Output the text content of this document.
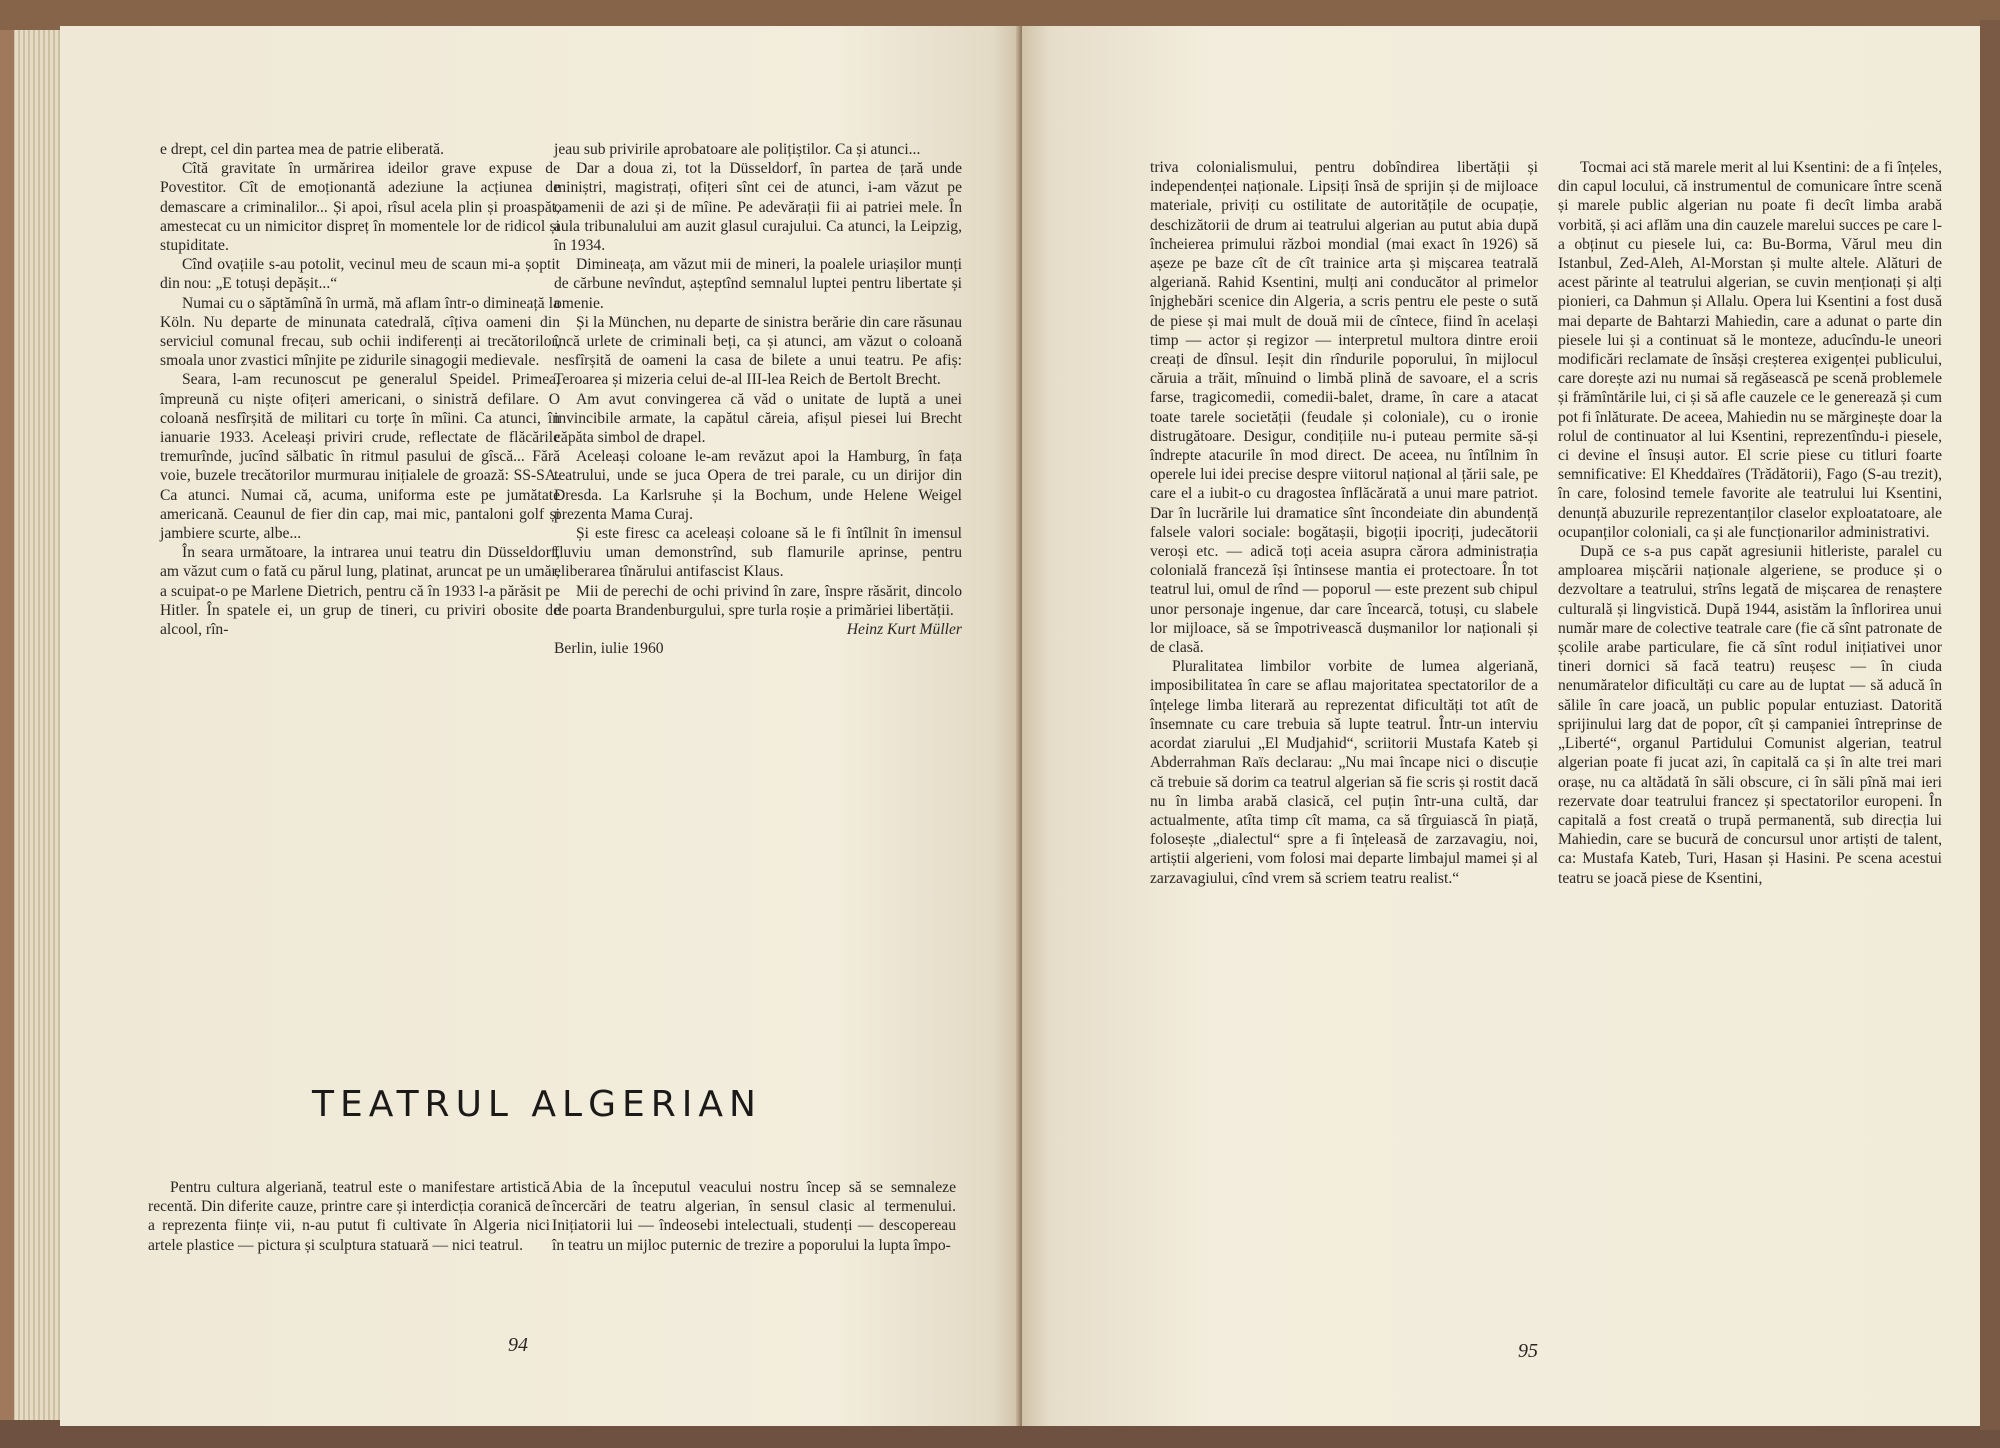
e drept, cel din partea mea de patrie eliberată.

Cîtă gravitate în urmărirea ideilor grave expuse de Povestitor. Cît de emoționantă adeziune la acțiunea de demascare a criminalilor... Și apoi, rîsul acela plin și proaspăt, amestecat cu un nimicitor dispreț în momentele lor de ridicol și stupiditate.

Cînd ovațiile s-au potolit, vecinul meu de scaun mi-a șoptit din nou: „E totuși depășit...“

Numai cu o săptămînă în urmă, mă aflam într-o dimineață la Köln. Nu departe de minunata catedrală, cîțiva oameni din serviciul comunal frecau, sub ochii indiferenți ai trecătorilor, smoala unor zvastici mînjite pe zidurile sinagogii medievale.

Seara, l-am recunoscut pe generalul Speidel. Primea, împreună cu niște ofițeri americani, o sinistră defilare. O coloană nesfîrșită de militari cu torțe în mîini. Ca atunci, în ianuarie 1933. Aceleași priviri crude, reflectate de flăcările tremurînde, jucînd sălbatic în ritmul pasului de gîscă... Fără voie, buzele trecătorilor murmurau inițialele de groază: SS-SA. Ca atunci. Numai că, acuma, uniforma este pe jumătate americană. Ceaunul de fier din cap, mai mic, pantaloni golf și jambiere scurte, albe...

În seara următoare, la intrarea unui teatru din Düsseldorf, am văzut cum o fată cu părul lung, platinat, aruncat pe un umăr, a scuipat-o pe Marlene Dietrich, pentru că în 1933 l-a părăsit pe Hitler. În spatele ei, un grup de tineri, cu priviri obosite de alcool, rîn-

jeau sub privirile aprobatoare ale polițiștilor. Ca și atunci...

Dar a doua zi, tot la Düsseldorf, în partea de țară unde miniștri, magistrați, ofițeri sînt cei de atunci, i-am văzut pe oamenii de azi și de mîine. Pe adevărații fii ai patriei mele. În aula tribunalului am auzit glasul curajului. Ca atunci, la Leipzig, în 1934.

Dimineața, am văzut mii de mineri, la poalele uriașilor munți de cărbune nevîndut, așteptînd semnalul luptei pentru libertate și omenie.

Și la München, nu departe de sinistra berărie din care răsunau încă urlete de criminali beți, ca și atunci, am văzut o coloană nesfîrșită de oameni la casa de bilete a unui teatru. Pe afiș: Teroarea și mizeria celui de-al III-lea Reich de Bertolt Brecht.

Am avut convingerea că văd o unitate de luptă a unei invincibile armate, la capătul căreia, afișul piesei lui Brecht căpăta simbol de drapel.

Aceleași coloane le-am revăzut apoi la Hamburg, în fața teatrului, unde se juca Opera de trei parale, cu un dirijor din Dresda. La Karlsruhe și la Bochum, unde Helene Weigel prezenta Mama Curaj.

Și este firesc ca aceleași coloane să le fi întîlnit în imensul fluviu uman demonstrînd, sub flamurile aprinse, pentru eliberarea tînărului antifascist Klaus.

Mii de perechi de ochi privind în zare, înspre răsărit, dincolo de poarta Brandenburgului, spre turla roșie a primăriei libertății.

Heinz Kurt Müller

Berlin, iulie 1960

TEATRUL ALGERIAN

Pentru cultura algeriană, teatrul este o manifestare artistică recentă. Din diferite cauze, printre care și interdicția coranică de a reprezenta ființe vii, n-au putut fi cultivate în Algeria nici artele plastice — pictura și sculptura statuară — nici teatrul.

Abia de la începutul veacului nostru încep să se semnaleze încercări de teatru algerian, în sensul clasic al termenului. Inițiatorii lui — îndeosebi intelectuali, studenți — descopereau în teatru un mijloc puternic de trezire a poporului la lupta împo-

94

triva colonialismului, pentru dobîndirea libertății și independenței naționale. Lipsiți însă de sprijin și de mijloace materiale, priviți cu ostilitate de autoritățile de ocupație, deschizătorii de drum ai teatrului algerian au putut abia după încheierea primului război mondial (mai exact în 1926) să așeze pe baze cît de cît trainice arta și mișcarea teatrală algeriană. Rahid Ksentini, mulți ani conducător al primelor înjghebări scenice din Algeria, a scris pentru ele peste o sută de piese și mai mult de două mii de cîntece, fiind în același timp — actor și regizor — interpretul multora dintre eroii creați de dînsul. Ieșit din rîndurile poporului, în mijlocul căruia a trăit, mînuind o limbă plină de savoare, el a scris farse, tragicomedii, comedii-balet, drame, în care a atacat toate tarele societății (feudale și coloniale), cu o ironie distrugătoare. Desigur, condițiile nu-i puteau permite să-și îndrepte atacurile în mod direct. De aceea, nu întîlnim în operele lui idei precise despre viitorul național al țării sale, pe care el a iubit-o cu dragostea înflăcărată a unui mare patriot. Dar în lucrările lui dramatice sînt încondeiate din abundență falsele valori sociale: bogătașii, bigoții ipocriți, judecătorii veroși etc. — adică toți aceia asupra cărora administrația colonială franceză își întinsese mantia ei protectoare. În tot teatrul lui, omul de rînd — poporul — este prezent sub chipul unor personaje ingenue, dar care încearcă, totuși, cu slabele lor mijloace, să se împotrivească dușmanilor lor naționali și de clasă.

Pluralitatea limbilor vorbite de lumea algeriană, imposibilitatea în care se aflau majoritatea spectatorilor de a înțelege limba literară au reprezentat dificultăți tot atît de însemnate cu care trebuia să lupte teatrul. Într-un interviu acordat ziarului „El Mudjahid“, scriitorii Mustafa Kateb și Abderrahman Raïs declarau: „Nu mai încape nici o discuție că trebuie să dorim ca teatrul algerian să fie scris și rostit dacă nu în limba arabă clasică, cel puțin într-una cultă, dar actualmente, atîta timp cît mama, ca să tîrguiască în piață, folosește „dialectul“ spre a fi înțeleasă de zarzavagiu, noi, artiștii algerieni, vom folosi mai departe limbajul mamei și al zarzavagiului, cînd vrem să scriem teatru realist.“

Tocmai aci stă marele merit al lui Ksentini: de a fi înțeles, din capul locului, că instrumentul de comunicare între scenă și marele public algerian nu poate fi decît limba arabă vorbită, și aci aflăm una din cauzele marelui succes pe care l-a obținut cu piesele lui, ca: Bu-Borma, Vărul meu din Istanbul, Zed-Aleh, Al-Morstan și multe altele. Alături de acest părinte al teatrului algerian, se cuvin menționați și alți pionieri, ca Dahmun și Allalu. Opera lui Ksentini a fost dusă mai departe de Bahtarzi Mahiedin, care a adunat o parte din piesele lui și a continuat să le monteze, aducîndu-le uneori modificări reclamate de însăși creșterea exigenței publicului, care dorește azi nu numai să regăsească pe scenă problemele și frămîntările lui, ci și să afle cauzele ce le generează și cum pot fi înlăturate. De aceea, Mahiedin nu se mărginește doar la rolul de continuator al lui Ksentini, reprezentîndu-i piesele, ci devine el însuși autor. El scrie piese cu titluri foarte semnificative: El Kheddaïres (Trădătorii), Fago (S-au trezit), în care, folosind temele favorite ale teatrului lui Ksentini, denunță abuzurile reprezentanților claselor exploatatoare, ale ocupanților coloniali, ca și ale funcționarilor administrativi.

După ce s-a pus capăt agresiunii hitleriste, paralel cu amploarea mișcării naționale algeriene, se produce și o dezvoltare a teatrului, strîns legată de mișcarea de renaștere culturală și lingvistică. După 1944, asistăm la înflorirea unui număr mare de colective teatrale care (fie că sînt patronate de școlile arabe particulare, fie că sînt rodul inițiativei unor tineri dornici să facă teatru) reușesc — în ciuda nenumăratelor dificultăți cu care au de luptat — să aducă în sălile în care joacă, un public popular entuziast. Datorită sprijinului larg dat de popor, cît și campaniei întreprinse de „Liberté“, organul Partidului Comunist algerian, teatrul algerian poate fi jucat azi, în capitală ca și în alte trei mari orașe, nu ca altădată în săli obscure, ci în săli pînă mai ieri rezervate doar teatrului francez și spectatorilor europeni. În capitală a fost creată o trupă permanentă, sub direcția lui Mahiedin, care se bucură de concursul unor artiști de talent, ca: Mustafa Kateb, Turi, Hasan și Hasini. Pe scena acestui teatru se joacă piese de Ksentini,

95
